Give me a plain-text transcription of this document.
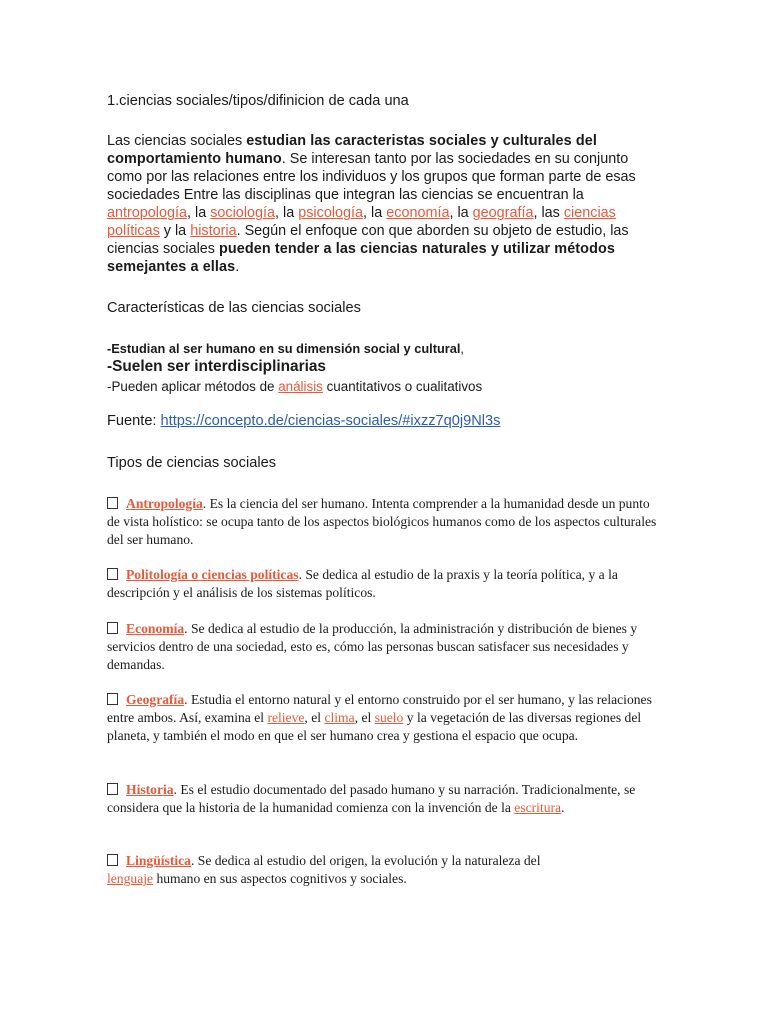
1.ciencias sociales/tipos/difinicion de cada una
Las ciencias sociales estudian las caracteristas sociales y culturales del comportamiento humano. Se interesan tanto por las sociedades en su conjunto como por las relaciones entre los individuos y los grupos que forman parte de esas sociedades Entre las disciplinas que integran las ciencias se encuentran la antropología, la sociología, la psicología, la economía, la geografía, las ciencias políticas y la historia. Según el enfoque con que aborden su objeto de estudio, las ciencias sociales pueden tender a las ciencias naturales y utilizar métodos semejantes a ellas.
Características de las ciencias sociales
-Estudian al ser humano en su dimensión social y cultural,
-Suelen ser interdisciplinarias
-Pueden aplicar métodos de análisis cuantitativos o cualitativos
Fuente: https://concepto.de/ciencias-sociales/#ixzz7q0j9Nl3s
Tipos de ciencias sociales
Antropología. Es la ciencia del ser humano. Intenta comprender a la humanidad desde un punto de vista holístico: se ocupa tanto de los aspectos biológicos humanos como de los aspectos culturales del ser humano.
Politología o ciencias políticas. Se dedica al estudio de la praxis y la teoría política, y a la descripción y el análisis de los sistemas políticos.
Economía. Se dedica al estudio de la producción, la administración y distribución de bienes y servicios dentro de una sociedad, esto es, cómo las personas buscan satisfacer sus necesidades y demandas.
Geografía. Estudia el entorno natural y el entorno construido por el ser humano, y las relaciones entre ambos. Así, examina el relieve, el clima, el suelo y la vegetación de las diversas regiones del planeta, y también el modo en que el ser humano crea y gestiona el espacio que ocupa.
Historia. Es el estudio documentado del pasado humano y su narración. Tradicionalmente, se considera que la historia de la humanidad comienza con la invención de la escritura.
Lingüística. Se dedica al estudio del origen, la evolución y la naturaleza del lenguaje humano en sus aspectos cognitivos y sociales.
